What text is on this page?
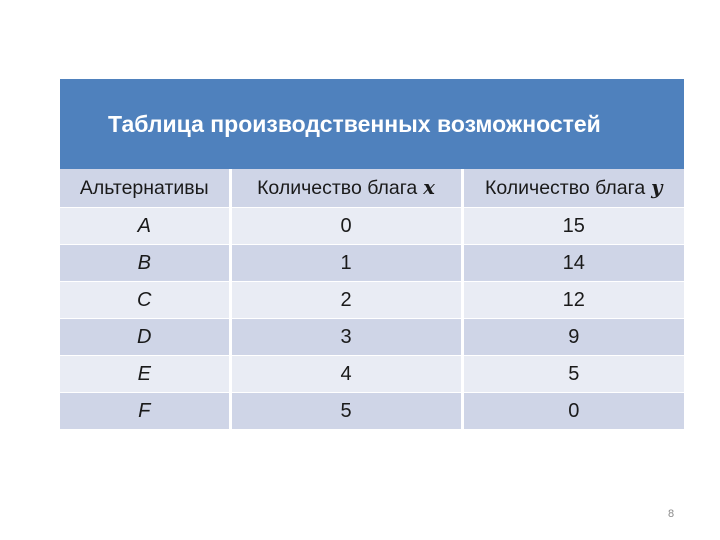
Таблица производственных возможностей
Альтернативы	Количество блага x	Количество блага y
A	0	15
B	1	14
C	2	12
D	3	9
E	4	5
F	5	0
8
